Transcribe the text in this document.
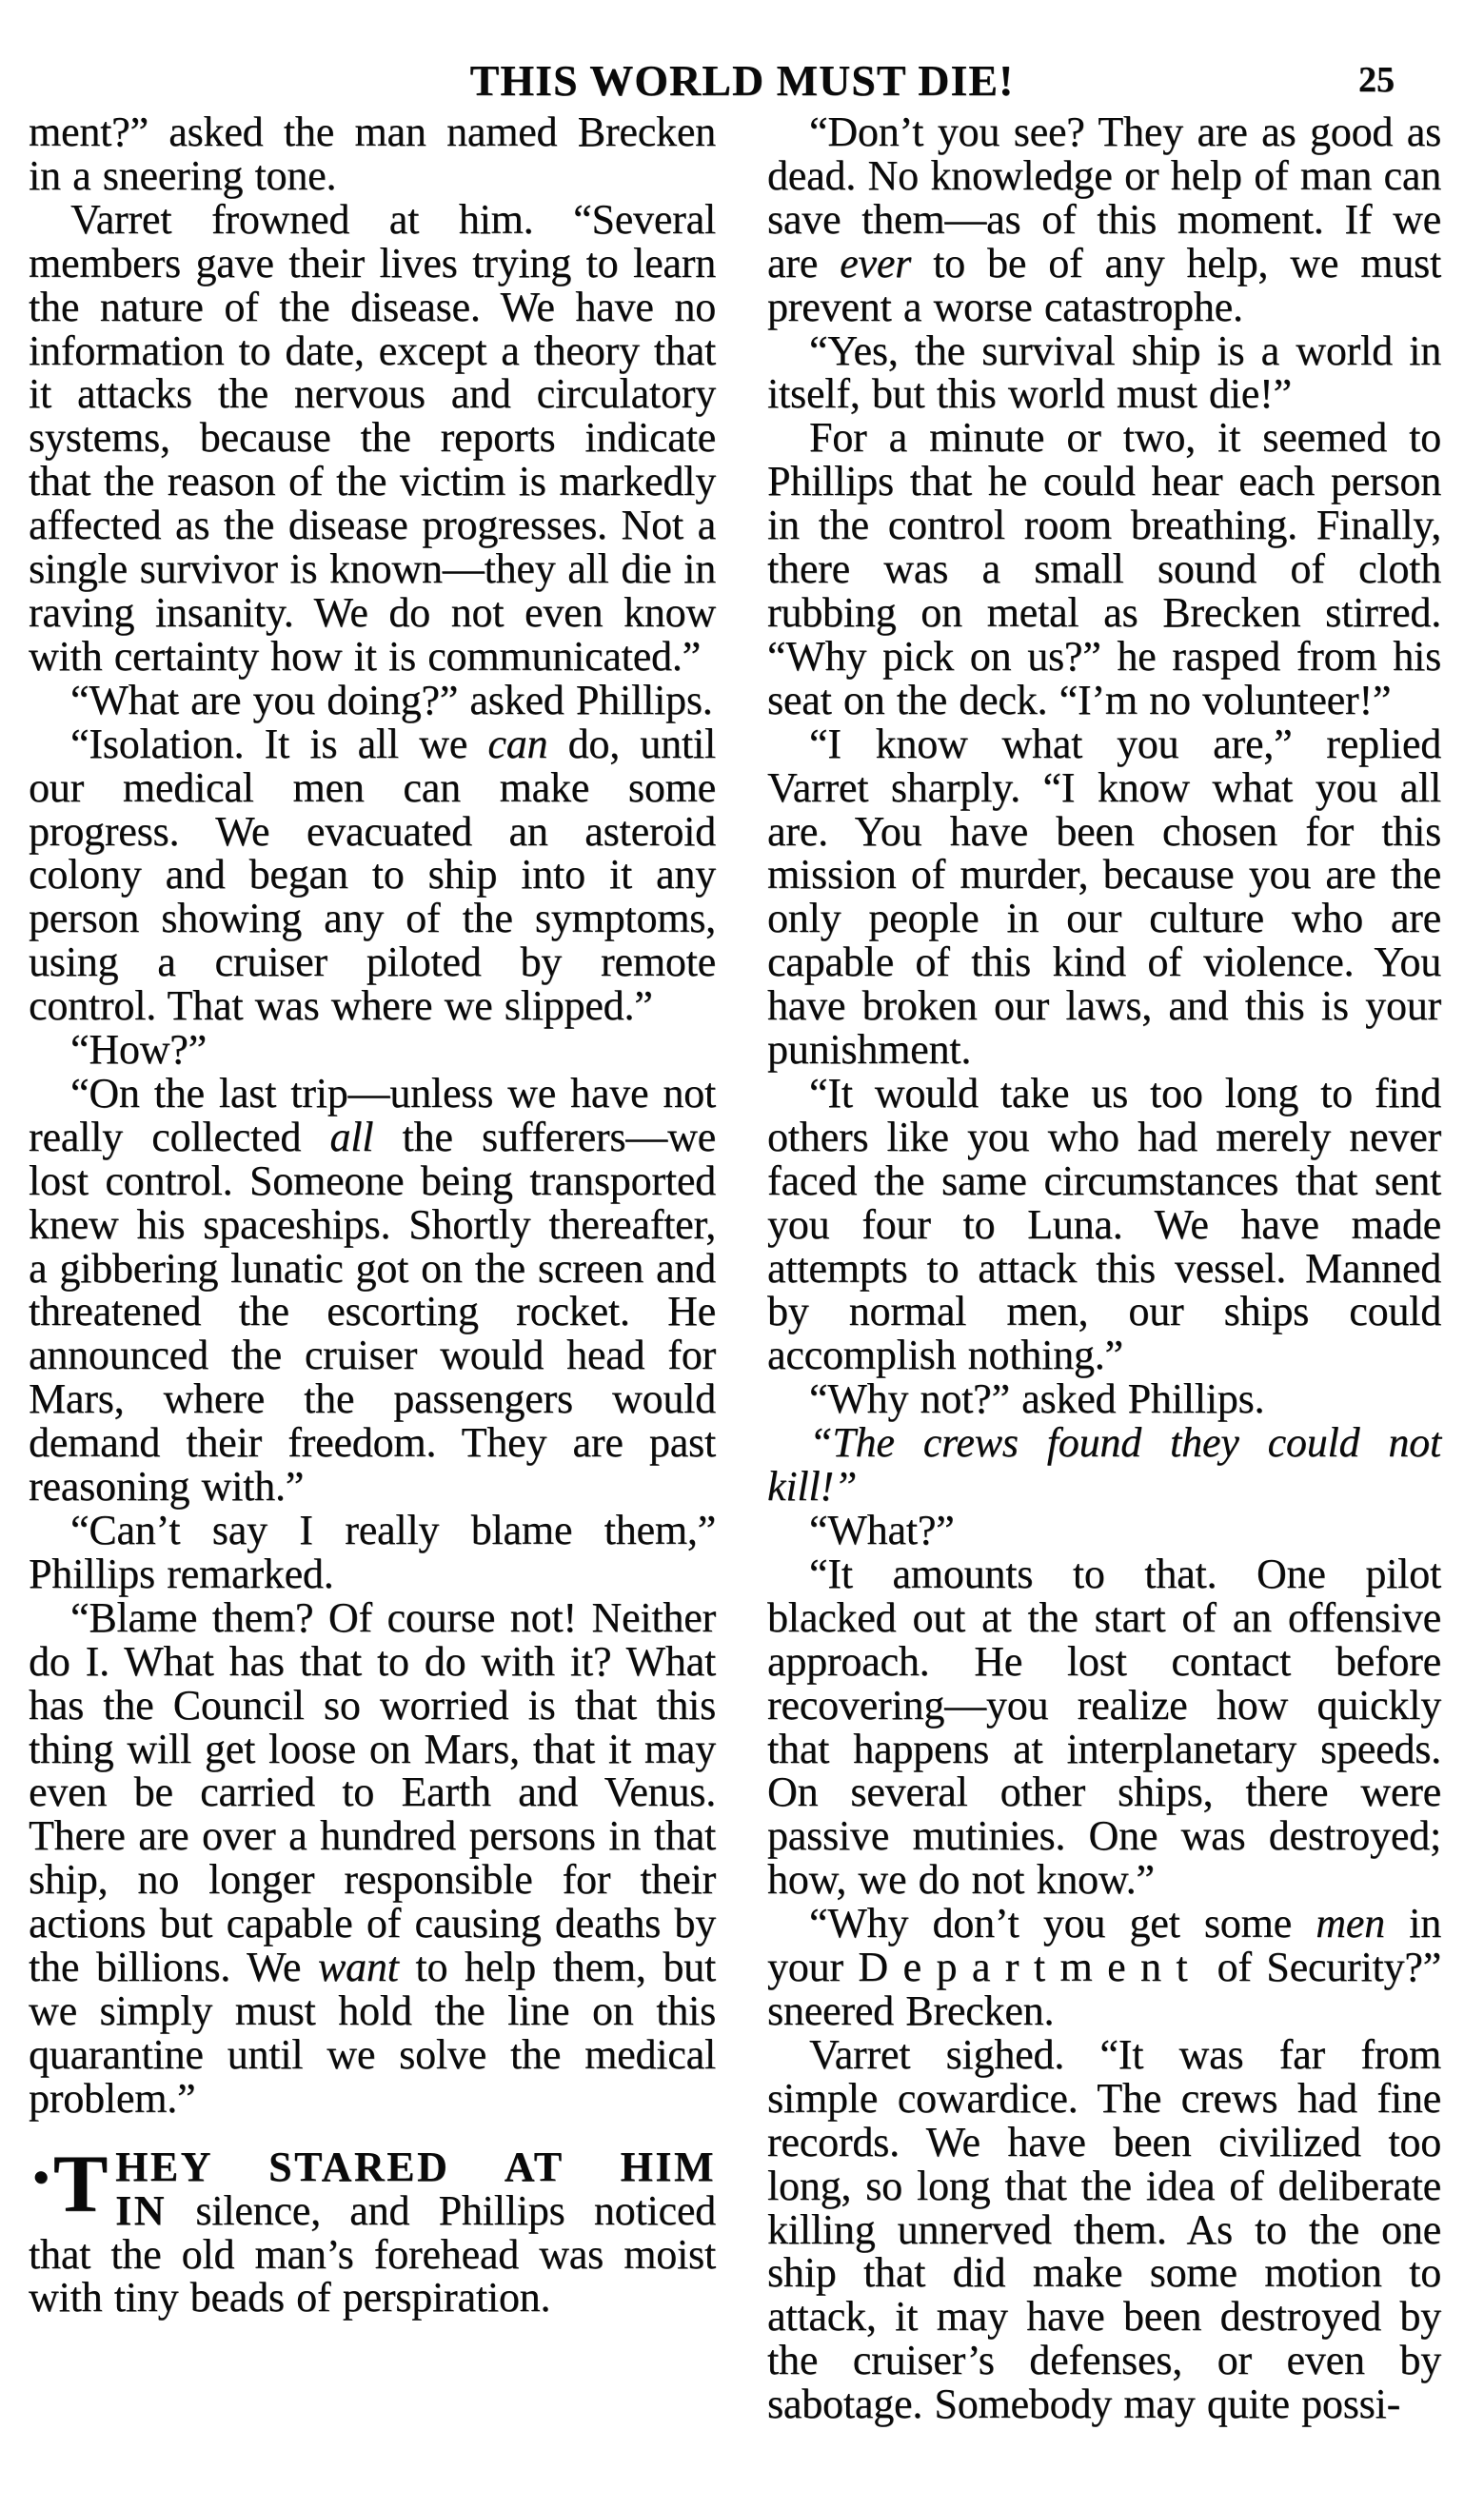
THIS WORLD MUST DIE!	25

ment?” asked the man named Brecken in a sneering tone.

Varret frowned at him. “Several members gave their lives trying to learn the nature of the disease. We have no information to date, except a theory that it attacks the nervous and circulatory systems, because the reports indicate that the reason of the victim is markedly affected as the disease progresses. Not a single survivor is known—they all die in raving insanity. We do not even know with certainty how it is communicated.”

“What are you doing?” asked Phillips.

“Isolation. It is all we can do, until our medical men can make some progress. We evacuated an asteroid colony and began to ship into it any person showing any of the symptoms, using a cruiser piloted by remote control. That was where we slipped.”

“How?”

“On the last trip—unless we have not really collected all the sufferers—we lost control. Someone being transported knew his spaceships. Shortly thereafter, a gibbering lunatic got on the screen and threatened the escorting rocket. He announced the cruiser would head for Mars, where the passengers would demand their freedom. They are past reasoning with.”

“Can’t say I really blame them,” Phillips remarked.

“Blame them? Of course not! Neither do I. What has that to do with it? What has the Council so worried is that this thing will get loose on Mars, that it may even be carried to Earth and Venus. There are over a hundred persons in that ship, no longer responsible for their actions but capable of causing deaths by the billions. We want to help them, but we simply must hold the line on this quarantine until we solve the medical problem.”

●T HEY STARED AT HIM IN silence, and Phillips noticed that the old man’s forehead was moist with tiny beads of perspiration.

“Don’t you see? They are as good as dead. No knowledge or help of man can save them—as of this moment. If we are ever to be of any help, we must prevent a worse catastrophe.

“Yes, the survival ship is a world in itself, but this world must die!”

For a minute or two, it seemed to Phillips that he could hear each person in the control room breathing. Finally, there was a small sound of cloth rubbing on metal as Brecken stirred. “Why pick on us?” he rasped from his seat on the deck. “I’m no volunteer!”

“I know what you are,” replied Varret sharply. “I know what you all are. You have been chosen for this mission of murder, because you are the only people in our culture who are capable of this kind of violence. You have broken our laws, and this is your punishment.

“It would take us too long to find others like you who had merely never faced the same circumstances that sent you four to Luna. We have made attempts to attack this vessel. Manned by normal men, our ships could accomplish nothing.”

“Why not?” asked Phillips.

“The crews found they could not kill!”

“What?”

“It amounts to that. One pilot blacked out at the start of an offensive approach. He lost contact before recovering—you realize how quickly that happens at interplanetary speeds. On several other ships, there were passive mutinies. One was destroyed; how, we do not know.”

“Why don’t you get some men in your Department of Security?” sneered Brecken.

Varret sighed. “It was far from simple cowardice. The crews had fine records. We have been civilized too long, so long that the idea of deliberate killing unnerved them. As to the one ship that did make some motion to attack, it may have been destroyed by the cruiser’s defenses, or even by sabotage. Somebody may quite possi-
